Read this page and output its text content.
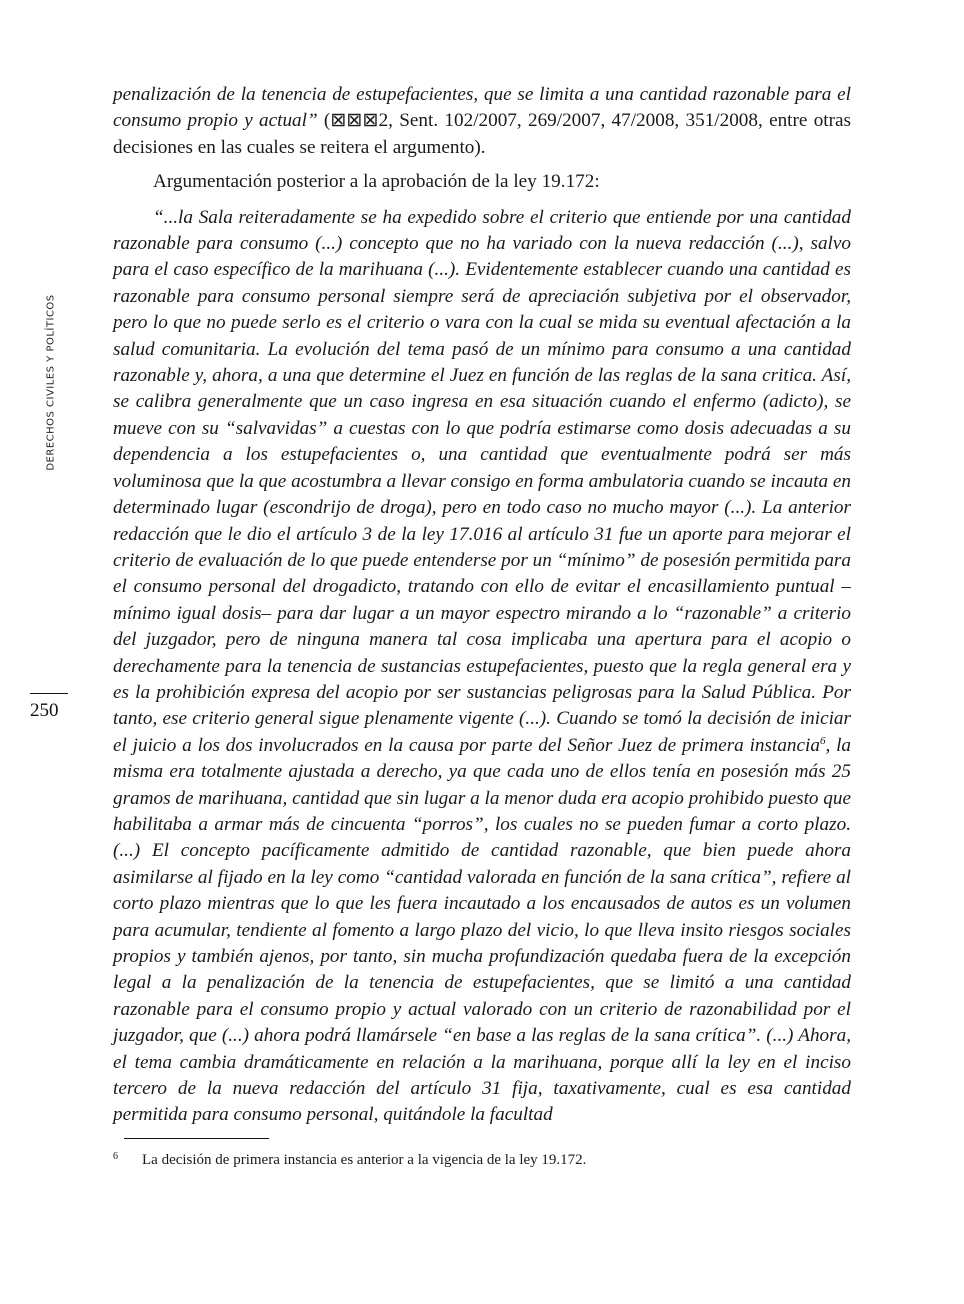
DERECHOS CIVILES Y POLÍTICOS
250

penalización de la tenencia de estupefacientes, que se limita a una cantidad razonable para el consumo propio y actual” (⊠⊠⊠2, Sent. 102/2007, 269/2007, 47/2008, 351/2008, entre otras decisiones en las cuales se reitera el argumento).

Argumentación posterior a la aprobación de la ley 19.172:

“...la Sala reiteradamente se ha expedido sobre el criterio que entiende por una cantidad razonable para consumo (...) concepto que no ha variado con la nueva redacción (...), salvo para el caso específico de la marihuana (...). Evidentemente establecer cuando una cantidad es razonable para consumo personal siempre será de apreciación subjetiva por el observador, pero lo que no puede serlo es el criterio o vara con la cual se mida su eventual afectación a la salud comunitaria. La evolución del tema pasó de un mínimo para consumo a una cantidad razonable y, ahora, a una que determine el Juez en función de las reglas de la sana critica. Así, se calibra generalmente que un caso ingresa en esa situación cuando el enfermo (adicto), se mueve con su “salvavidas” a cuestas con lo que podría estimarse como dosis adecuadas a su dependencia a los estupefacientes o, una cantidad que eventualmente podrá ser más voluminosa que la que acostumbra a llevar consigo en forma ambulatoria cuando se incauta en determinado lugar (escondrijo de droga), pero en todo caso no mucho mayor (...). La anterior redacción que le dio el artículo 3 de la ley 17.016 al artículo 31 fue un aporte para mejorar el criterio de evaluación de lo que puede entenderse por un “mínimo” de posesión permitida para el consumo personal del drogadicto, tratando con ello de evitar el encasillamiento puntual –mínimo igual dosis– para dar lugar a un mayor espectro mirando a lo “razonable” a criterio del juzgador, pero de ninguna manera tal cosa implicaba una apertura para el acopio o derechamente para la tenencia de sustancias estupefacientes, puesto que la regla general era y es la prohibición expresa del acopio por ser sustancias peligrosas para la Salud Pública. Por tanto, ese criterio general sigue plenamente vigente (...). Cuando se tomó la decisión de iniciar el juicio a los dos involucrados en la causa por parte del Señor Juez de primera instancia$^6$, la misma era totalmente ajustada a derecho, ya que cada uno de ellos tenía en posesión más 25 gramos de marihuana, cantidad que sin lugar a la menor duda era acopio prohibido puesto que habilitaba a armar más de cincuenta “porros”, los cuales no se pueden fumar a corto plazo. (...) El concepto pacíficamente admitido de cantidad razonable, que bien puede ahora asimilarse al fijado en la ley como “cantidad valorada en función de la sana crítica”, refiere al corto plazo mientras que lo que les fuera incautado a los encausados de autos es un volumen para acumular, tendiente al fomento a largo plazo del vicio, lo que lleva insito riesgos sociales propios y también ajenos, por tanto, sin mucha profundización quedaba fuera de la excepción legal a la penalización de la tenencia de estupefacientes, que se limitó a una cantidad razonable para el consumo propio y actual valorado con un criterio de razonabilidad por el juzgador, que (...) ahora podrá llamársele “en base a las reglas de la sana crítica”. (...) Ahora, el tema cambia dramáticamente en relación a la marihuana, porque allí la ley en el inciso tercero de la nueva redacción del artículo 31 fija, taxativamente, cual es esa cantidad permitida para consumo personal, quitándole la facultad

6 La decisión de primera instancia es anterior a la vigencia de la ley 19.172.
